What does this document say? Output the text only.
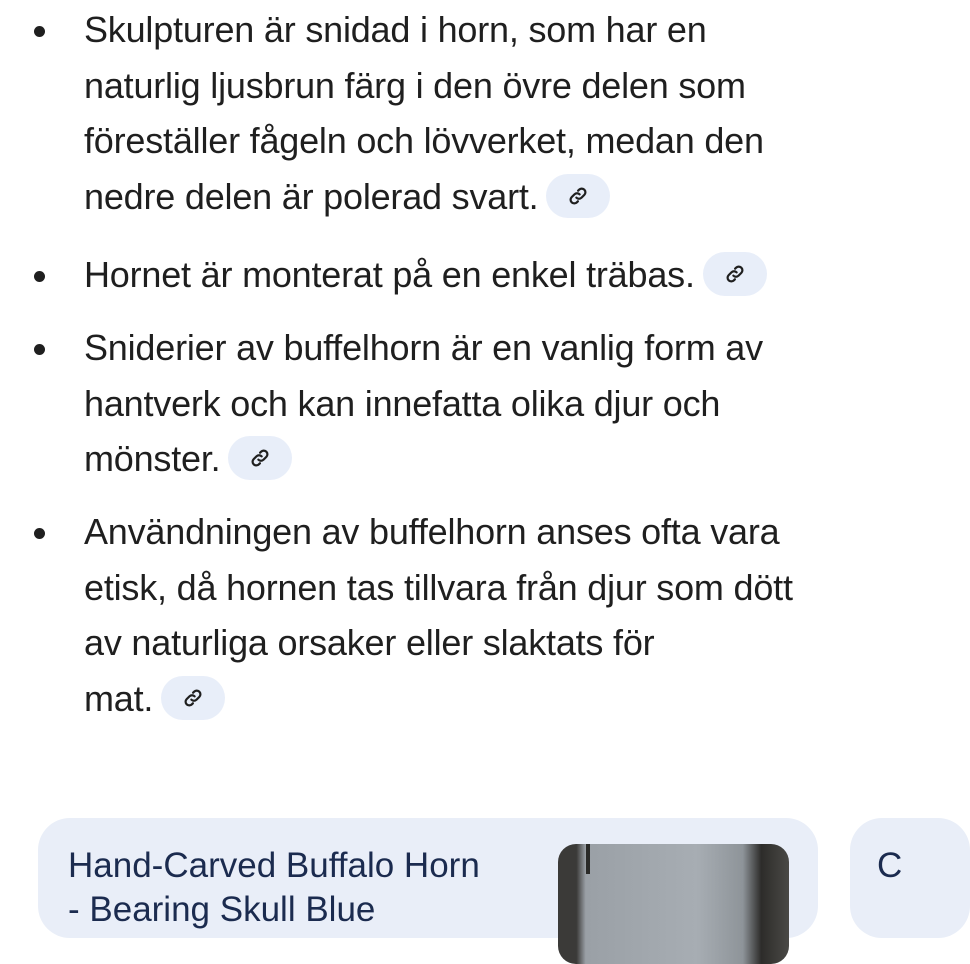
Skulpturen är snidad i horn, som har en
naturlig ljusbrun färg i den övre delen som
föreställer fågeln och lövverket, medan den
nedre delen är polerad svart.
Hornet är monterat på en enkel träbas.
Sniderier av buffelhorn är en vanlig form av
hantverk och kan innefatta olika djur och
mönster.
Användningen av buffelhorn anses ofta vara
etisk, då hornen tas tillvara från djur som dött
av naturliga orsaker eller slaktats för
mat.
Hand-Carved Buffalo Horn
- Bearing Skull Blue
C
